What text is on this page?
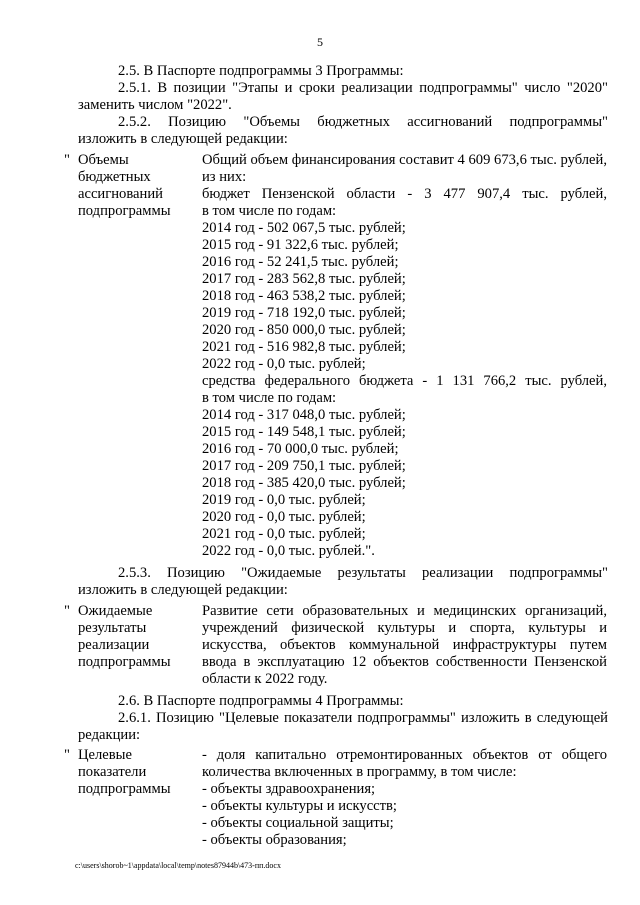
5
2.5. В Паспорте подпрограммы 3 Программы:
2.5.1. В позиции "Этапы и сроки реализации подпрограммы" число "2020"
заменить числом "2022".
2.5.2. Позицию "Объемы бюджетных ассигнований подпрограммы"
изложить в следующей редакции:
" Объемы
бюджетных
ассигнований
подпрограммы
Общий объем финансирования составит 4 609 673,6 тыс. рублей,
из них:
бюджет Пензенской области - 3 477 907,4 тыс. рублей,
в том числе по годам:
2014 год - 502 067,5 тыс. рублей;
2015 год - 91 322,6 тыс. рублей;
2016 год - 52 241,5 тыс. рублей;
2017 год - 283 562,8 тыс. рублей;
2018 год - 463 538,2 тыс. рублей;
2019 год - 718 192,0 тыс. рублей;
2020 год - 850 000,0 тыс. рублей;
2021 год - 516 982,8 тыс. рублей;
2022 год - 0,0 тыс. рублей;
средства федерального бюджета - 1 131 766,2 тыс. рублей,
в том числе по годам:
2014 год - 317 048,0 тыс. рублей;
2015 год - 149 548,1 тыс. рублей;
2016 год - 70 000,0 тыс. рублей;
2017 год - 209 750,1 тыс. рублей;
2018 год - 385 420,0 тыс. рублей;
2019 год - 0,0 тыс. рублей;
2020 год - 0,0 тыс. рублей;
2021 год - 0,0 тыс. рублей;
2022 год - 0,0 тыс. рублей.".
2.5.3. Позицию "Ожидаемые результаты реализации подпрограммы"
изложить в следующей редакции:
" Ожидаемые
результаты
реализации
подпрограммы
Развитие сети образовательных и медицинских организаций,
учреждений физической культуры и спорта, культуры и
искусства, объектов коммунальной инфраструктуры путем
ввода в эксплуатацию 12 объектов собственности Пензенской
области к 2022 году.
2.6. В Паспорте подпрограммы 4 Программы:
2.6.1. Позицию "Целевые показатели подпрограммы" изложить в следующей
редакции:
" Целевые
показатели
подпрограммы
- доля капитально отремонтированных объектов от общего
количества включенных в программу, в том числе:
- объекты здравоохранения;
- объекты культуры и искусств;
- объекты социальной защиты;
- объекты образования;
c:\users\shorob~1\appdata\local\temp\notes87944b\473-пп.docx
